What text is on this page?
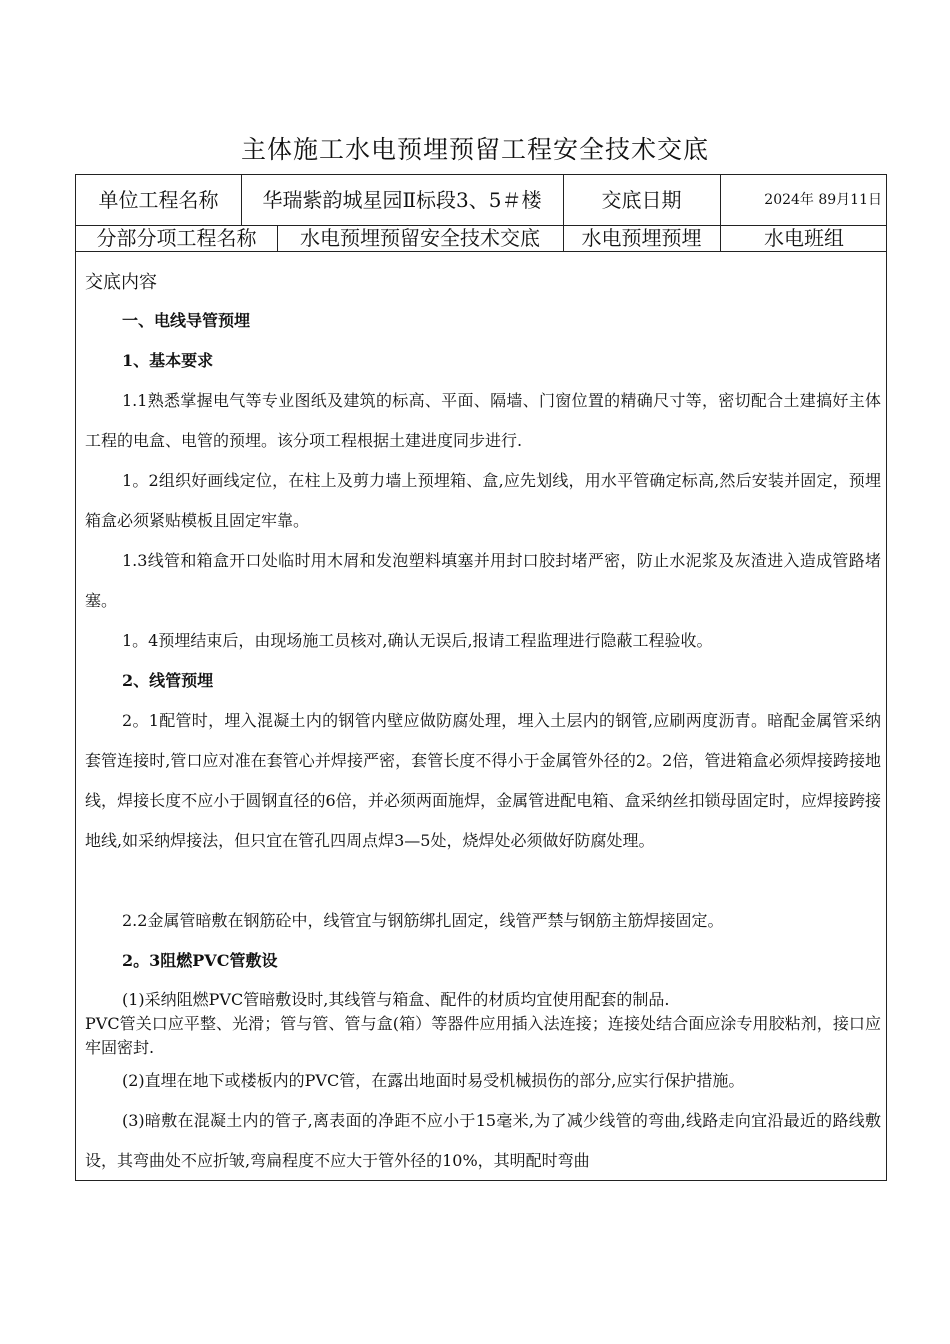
主体施工水电预埋预留工程安全技术交底
单位工程名称	华瑞紫韵城星园Ⅱ标段3、5＃楼	交底日期	2024年 89月11日
分部分项工程名称	水电预埋预留安全技术交底	水电预埋预埋	水电班组
交底内容
一、电线导管预埋
1、基本要求
1.1熟悉掌握电气等专业图纸及建筑的标高、平面、隔墙、门窗位置的精确尺寸等，密切配合土建搞好主体工程的电盒、电管的预埋。该分项工程根据土建进度同步进行.
1。2组织好画线定位，在柱上及剪力墙上预埋箱、盒,应先划线，用水平管确定标高,然后安装并固定，预埋箱盒必须紧贴模板且固定牢靠。
1.3线管和箱盒开口处临时用木屑和发泡塑料填塞并用封口胶封堵严密，防止水泥浆及灰渣进入造成管路堵塞。
1。4预埋结束后，由现场施工员核对,确认无误后,报请工程监理进行隐蔽工程验收。
2、线管预埋
2。1配管时，埋入混凝土内的钢管内壁应做防腐处理，埋入土层内的钢管,应刷两度沥青。暗配金属管采纳套管连接时,管口应对准在套管心并焊接严密，套管长度不得小于金属管外径的2。2倍，管进箱盒必须焊接跨接地线，焊接长度不应小于圆钢直径的6倍，并必须两面施焊，金属管进配电箱、盒采纳丝扣锁母固定时，应焊接跨接地线,如采纳焊接法，但只宜在管孔四周点焊3—5处，烧焊处必须做好防腐处理。
2.2金属管暗敷在钢筋砼中，线管宜与钢筋绑扎固定，线管严禁与钢筋主筋焊接固定。
2。3阻燃PVC管敷设
(1)采纳阻燃PVC管暗敷设时,其线管与箱盒、配件的材质均宜使用配套的制品.
PVC管关口应平整、光滑；管与管、管与盒(箱）等器件应用插入法连接；连接处结合面应涂专用胶粘剂，接口应牢固密封.
(2)直埋在地下或楼板内的PVC管，在露出地面时易受机械损伤的部分,应实行保护措施。
(3)暗敷在混凝土内的管子,离表面的净距不应小于15毫米,为了减少线管的弯曲,线路走向宜沿最近的路线敷设，其弯曲处不应折皱,弯扁程度不应大于管外径的10%，其明配时弯曲
